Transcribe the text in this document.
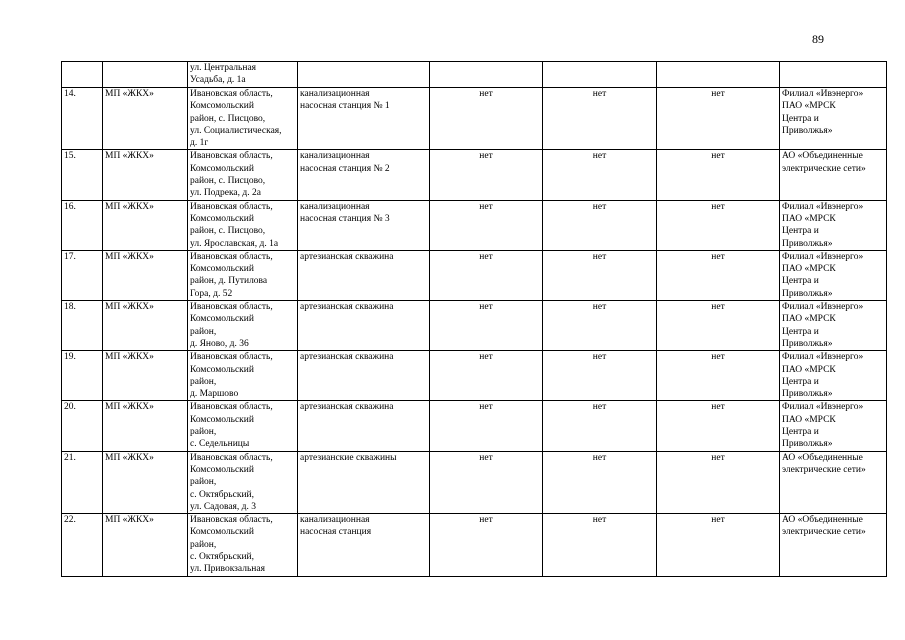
89
		ул. Центральная
Усадьба, д. 1а					
14.	МП «ЖКХ»	Ивановская область,
Комсомольский
район, с. Писцово,
ул. Социалистическая,
д. 1г	канализационная
насосная станция № 1	нет	нет	нет	Филиал «Ивэнерго»
ПАО «МРСК
Центра и
Приволжья»
15.	МП «ЖКХ»	Ивановская область,
Комсомольский
район, с. Писцово,
ул. Подрека, д. 2а	канализационная
насосная станция № 2	нет	нет	нет	АО «Объединенные
электрические сети»
16.	МП «ЖКХ»	Ивановская область,
Комсомольский
район, с. Писцово,
ул. Ярославская, д. 1а	канализационная
насосная станция № 3	нет	нет	нет	Филиал «Ивэнерго»
ПАО «МРСК
Центра и
Приволжья»
17.	МП «ЖКХ»	Ивановская область,
Комсомольский
район, д. Путилова
Гора, д. 52	артезианская скважина	нет	нет	нет	Филиал «Ивэнерго»
ПАО «МРСК
Центра и
Приволжья»
18.	МП «ЖКХ»	Ивановская область,
Комсомольский
район,
д. Яново, д. 36	артезианская скважина	нет	нет	нет	Филиал «Ивэнерго»
ПАО «МРСК
Центра и
Приволжья»
19.	МП «ЖКХ»	Ивановская область,
Комсомольский
район,
д. Маршово	артезианская скважина	нет	нет	нет	Филиал «Ивэнерго»
ПАО «МРСК
Центра и
Приволжья»
20.	МП «ЖКХ»	Ивановская область,
Комсомольский
район,
с. Седельницы	артезианская скважина	нет	нет	нет	Филиал «Ивэнерго»
ПАО «МРСК
Центра и
Приволжья»
21.	МП «ЖКХ»	Ивановская область,
Комсомольский
район,
с. Октябрьский,
ул. Садовая, д. 3	артезианские скважины	нет	нет	нет	АО «Объединенные
электрические сети»
22.	МП «ЖКХ»	Ивановская область,
Комсомольский
район,
с. Октябрьский,
ул. Привокзальная	канализационная
насосная станция	нет	нет	нет	АО «Объединенные
электрические сети»
